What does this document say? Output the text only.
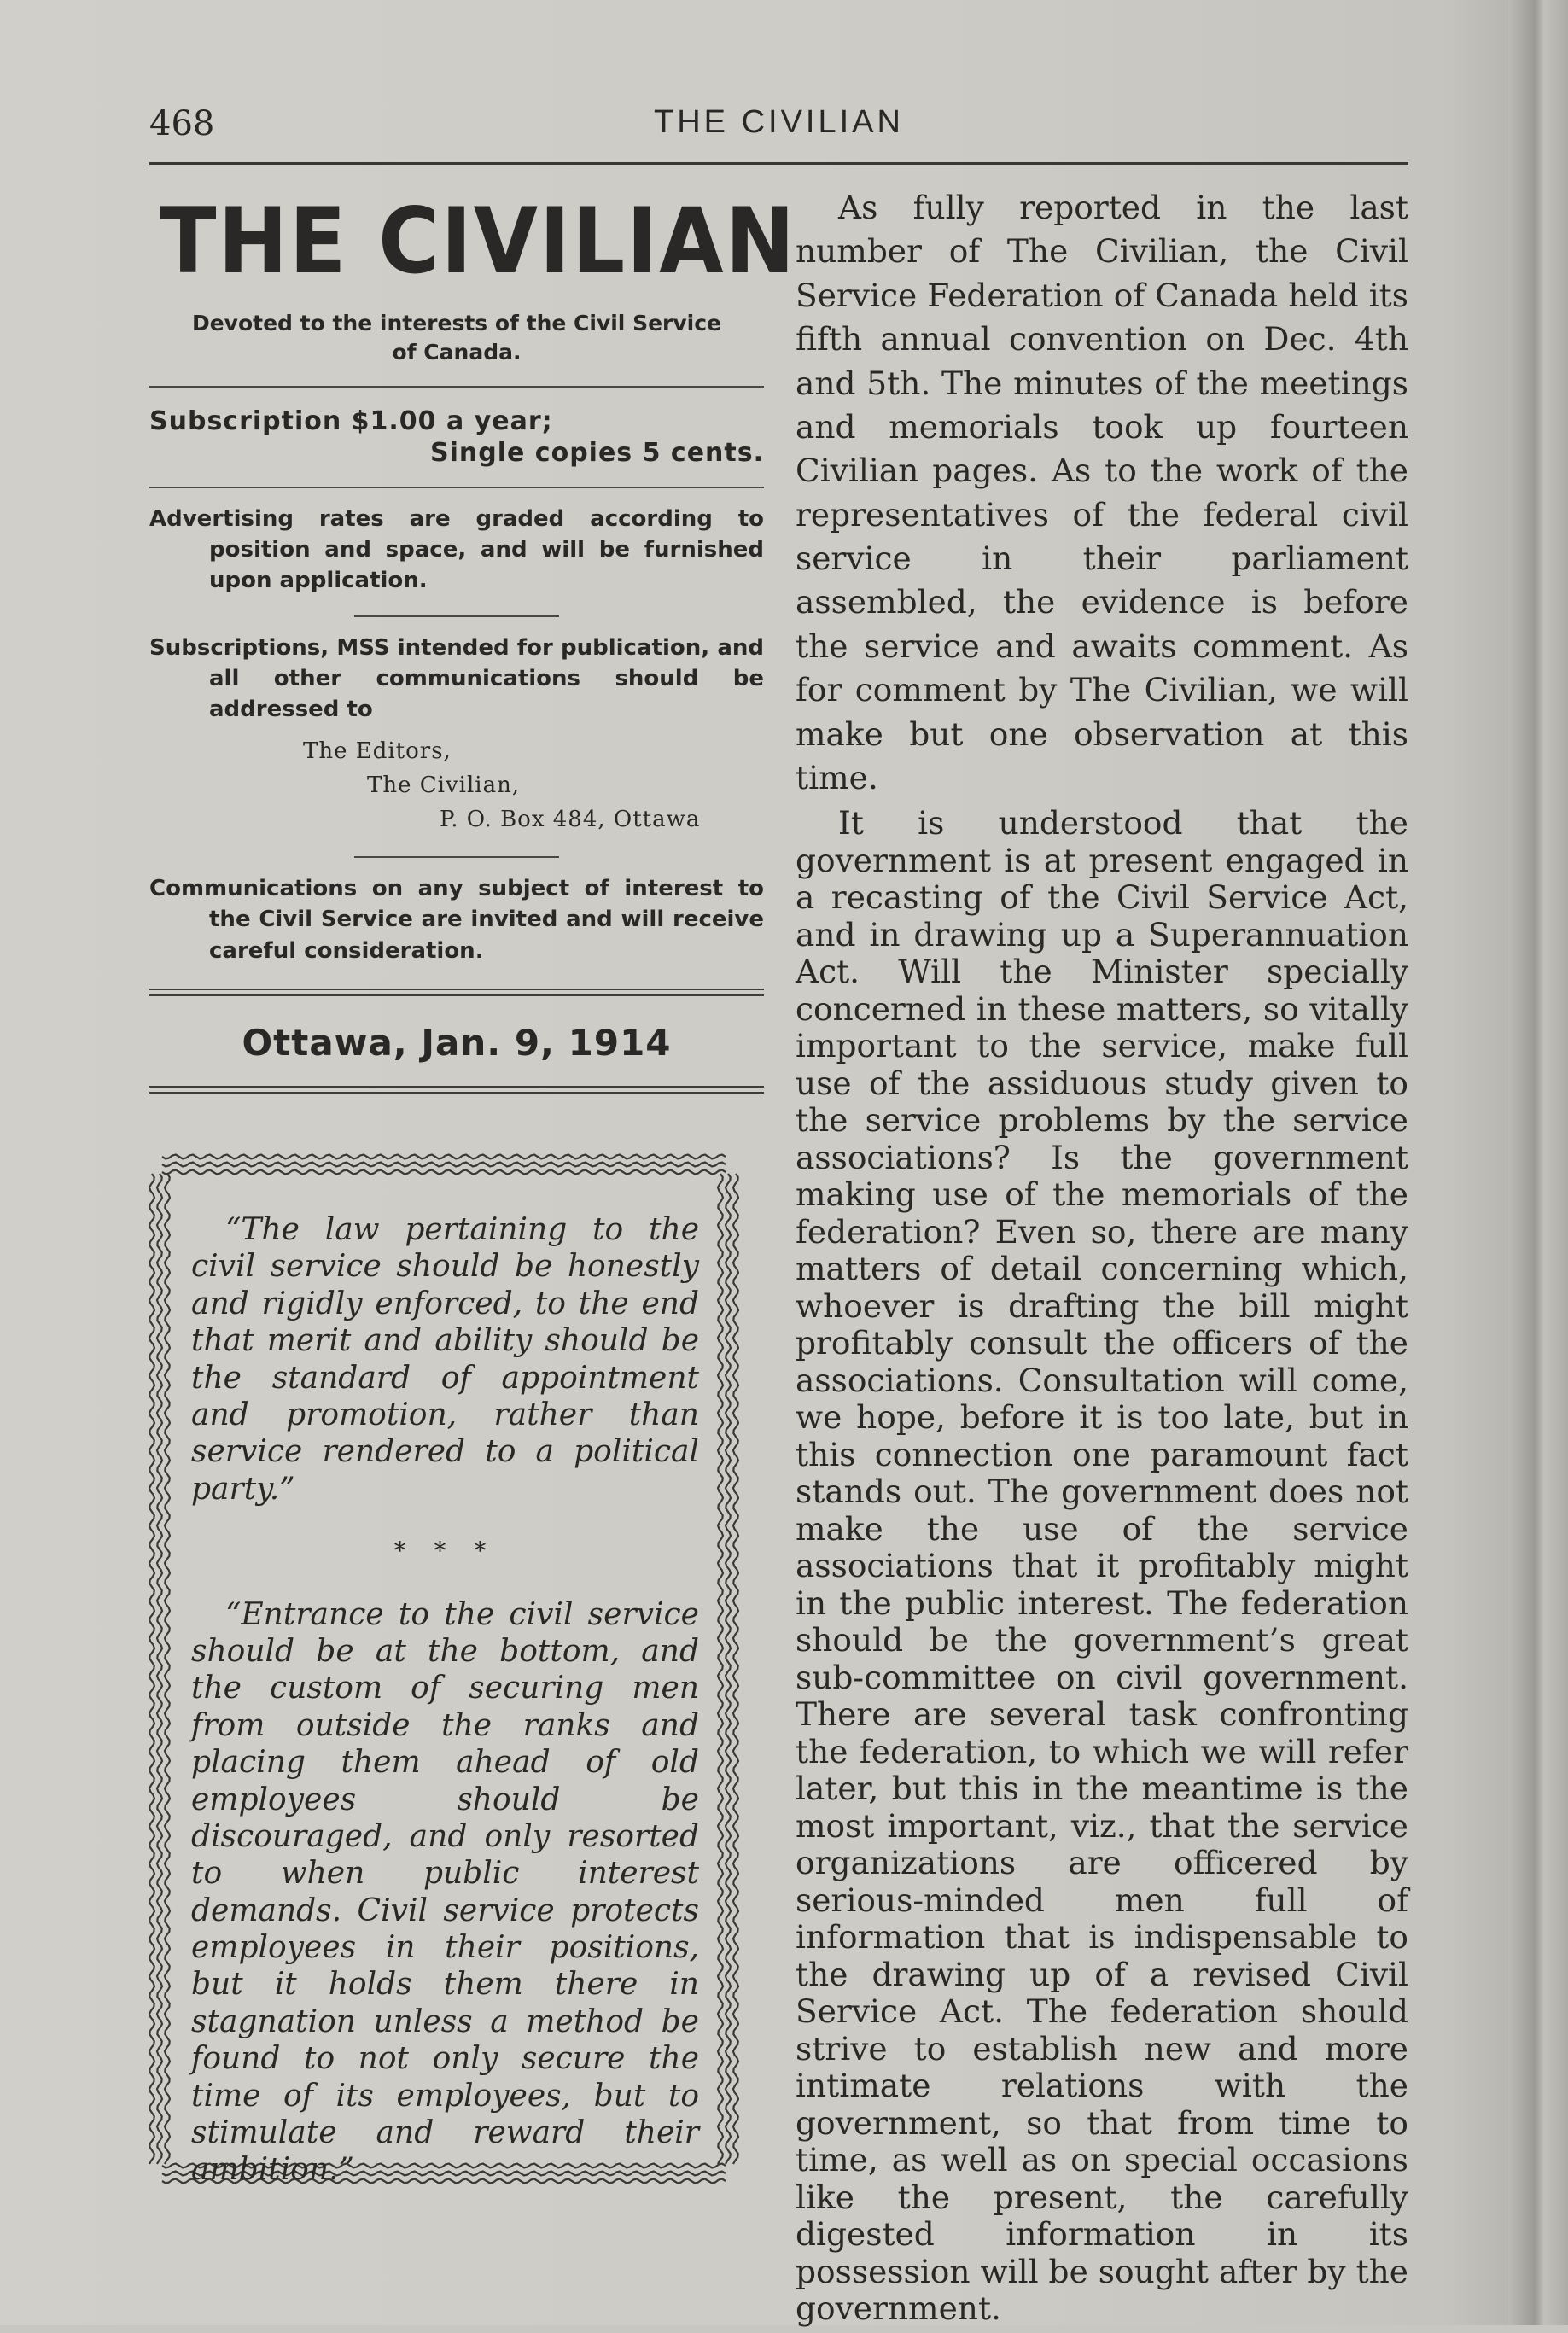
468	THE CIVILIAN
THE CIVILIAN
Devoted to the interests of the Civil Service
of Canada.
Subscription $1.00 a year;
Single copies 5 cents.
Advertising rates are graded according to position and space, and will be furnished upon application.
Subscriptions, MSS intended for publication, and all other communications should be addressed to
The Editors,
The Civilian,
P. O. Box 484, Ottawa
Communications on any subject of interest to the Civil Service are invited and will receive careful consideration.
Ottawa, Jan. 9, 1914

“The law pertaining to the civil service should be honestly and rigidly enforced, to the end that merit and ability should be the standard of appointment and promotion, rather than service rendered to a political party.”

* * *

“Entrance to the civil service should be at the bottom, and the custom of securing men from outside the ranks and placing them ahead of old employees should be discouraged, and only resorted to when public interest demands. Civil service protects employees in their positions, but it holds them there in stagnation unless a method be found to not only secure the time of its employees, but to stimulate and reward their ambition.”

As fully reported in the last number of The Civilian, the Civil Service Federation of Canada held its fifth annual convention on Dec. 4th and 5th. The minutes of the meetings and memorials took up fourteen Civilian pages. As to the work of the representatives of the federal civil service in their parliament assembled, the evidence is before the service and awaits comment. As for comment by The Civilian, we will make but one observation at this time.

It is understood that the government is at present engaged in a recasting of the Civil Service Act, and in drawing up a Superannuation Act. Will the Minister specially concerned in these matters, so vitally important to the service, make full use of the assiduous study given to the service problems by the service associations? Is the government making use of the memorials of the federation? Even so, there are many matters of detail concerning which, whoever is drafting the bill might profitably consult the officers of the associations. Consultation will come, we hope, before it is too late, but in this connection one paramount fact stands out. The government does not make the use of the service associations that it profitably might in the public interest. The federation should be the government’s great sub-committee on civil government. There are several task confronting the federation, to which we will refer later, but this in the meantime is the most important, viz., that the service organizations are officered by serious-minded men full of information that is indispensable to the drawing up of a revised Civil Service Act. The federation should strive to establish new and more intimate relations with the government, so that from time to time, as well as on special occasions like the present, the carefully digested information in its possession will be sought after by the government.
